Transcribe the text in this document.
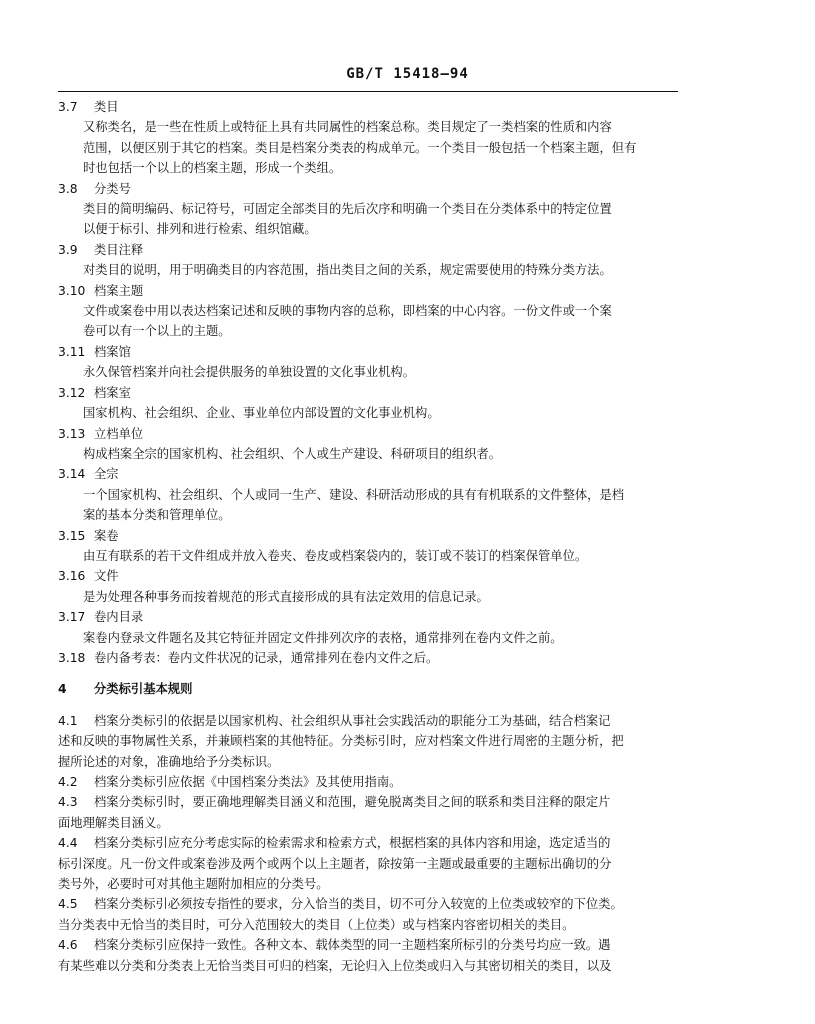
GB/T 15418—94
3.7 类目
又称类名，是一些在性质上或特征上具有共同属性的档案总称。类目规定了一类档案的性质和内容
范围，以便区别于其它的档案。类目是档案分类表的构成单元。一个类目一般包括一个档案主题，但有
时也包括一个以上的档案主题，形成一个类组。
3.8 分类号
类目的简明编码、标记符号，可固定全部类目的先后次序和明确一个类目在分类体系中的特定位置
以便于标引、排列和进行检索、组织馆藏。
3.9 类目注释
对类目的说明，用于明确类目的内容范围，指出类目之间的关系，规定需要使用的特殊分类方法。
3.10 档案主题
文件或案卷中用以表达档案记述和反映的事物内容的总称，即档案的中心内容。一份文件或一个案
卷可以有一个以上的主题。
3.11 档案馆
永久保管档案并向社会提供服务的单独设置的文化事业机构。
3.12 档案室
国家机构、社会组织、企业、事业单位内部设置的文化事业机构。
3.13 立档单位
构成档案全宗的国家机构、社会组织、个人或生产建设、科研项目的组织者。
3.14 全宗
一个国家机构、社会组织、个人或同一生产、建设、科研活动形成的具有有机联系的文件整体，是档
案的基本分类和管理单位。
3.15 案卷
由互有联系的若干文件组成并放入卷夹、卷皮或档案袋内的，装订或不装订的档案保管单位。
3.16 文件
是为处理各种事务而按着规范的形式直接形成的具有法定效用的信息记录。
3.17 卷内目录
案卷内登录文件题名及其它特征并固定文件排列次序的表格，通常排列在卷内文件之前。
3.18 卷内备考表：卷内文件状况的记录，通常排列在卷内文件之后。
4 分类标引基本规则
4.1 档案分类标引的依据是以国家机构、社会组织从事社会实践活动的职能分工为基础，结合档案记
述和反映的事物属性关系，并兼顾档案的其他特征。分类标引时，应对档案文件进行周密的主题分析，把
握所论述的对象，准确地给予分类标识。
4.2 档案分类标引应依据《中国档案分类法》及其使用指南。
4.3 档案分类标引时，要正确地理解类目涵义和范围，避免脱离类目之间的联系和类目注释的限定片
面地理解类目涵义。
4.4 档案分类标引应充分考虑实际的检索需求和检索方式，根据档案的具体内容和用途，选定适当的
标引深度。凡一份文件或案卷涉及两个或两个以上主题者，除按第一主题或最重要的主题标出确切的分
类号外，必要时可对其他主题附加相应的分类号。
4.5 档案分类标引必须按专指性的要求，分入恰当的类目，切不可分入较宽的上位类或较窄的下位类。
当分类表中无恰当的类目时，可分入范围较大的类目（上位类）或与档案内容密切相关的类目。
4.6 档案分类标引应保持一致性。各种文本、载体类型的同一主题档案所标引的分类号均应一致。遇
有某些难以分类和分类表上无恰当类目可归的档案，无论归入上位类或归入与其密切相关的类目，以及
